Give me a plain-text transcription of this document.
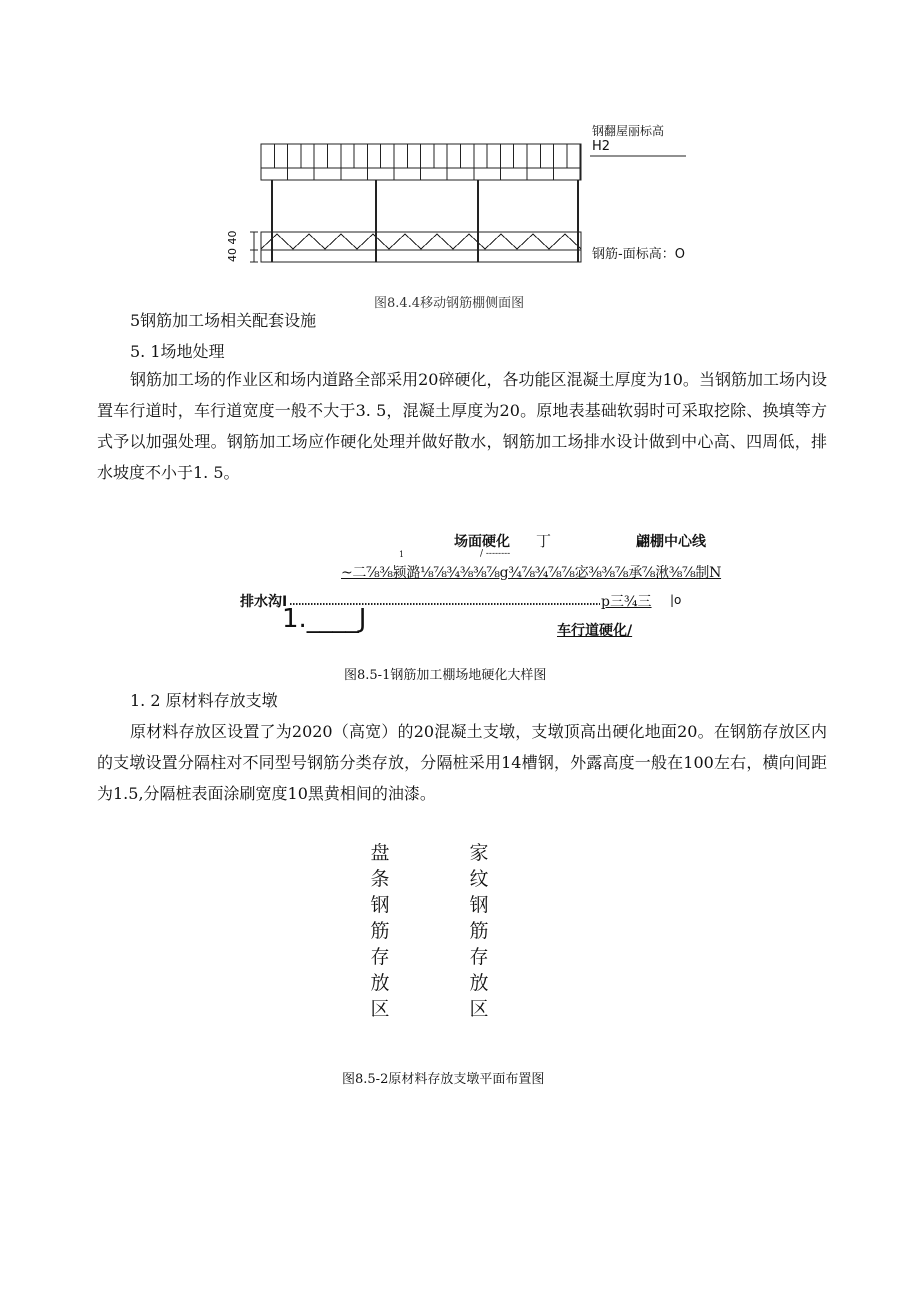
钢翻屋丽标高
H2
钢筋-面标高：O
40 40
图8.4.4移动钢筋棚侧面图
5钢筋加工场相关配套设施
5. 1场地处理
钢筋加工场的作业区和场内道路全部采用20碎硬化，各功能区混凝土厚度为10。当钢筋加工场内设置车行道时，车行道宽度一般不大于3. 5，混凝土厚度为20。原地表基础软弱时可采取挖除、换填等方式予以加强处理。钢筋加工场应作硬化处理并做好散水，钢筋加工场排水设计做到中心高、四周低，排水坡度不小于1. 5。
场面硬化 丁	翩棚中心线
1	/ --------
~二⅞⅜颍潞⅛⅞¾⅜⅜⅞g¾⅞¾⅞⅞宓⅜⅜⅞承⅞湫⅜⅞制N
排水沟I	p三¾三 |o
1.____J	车行道硬化/
图8.5-1钢筋加工棚场地硬化大样图
1. 2 原材料存放支墩
原材料存放区设置了为2020（高宽）的20混凝土支墩，支墩顶高出硬化地面20。在钢筋存放区内的支墩设置分隔柱对不同型号钢筋分类存放，分隔桩采用14槽钢，外露高度一般在100左右，横向间距为1.5,分隔桩表面涂刷宽度10黑黄相间的油漆。
盘条钢筋存放区
家纹钢筋存放区
图8.5-2原材料存放支墩平面布置图
